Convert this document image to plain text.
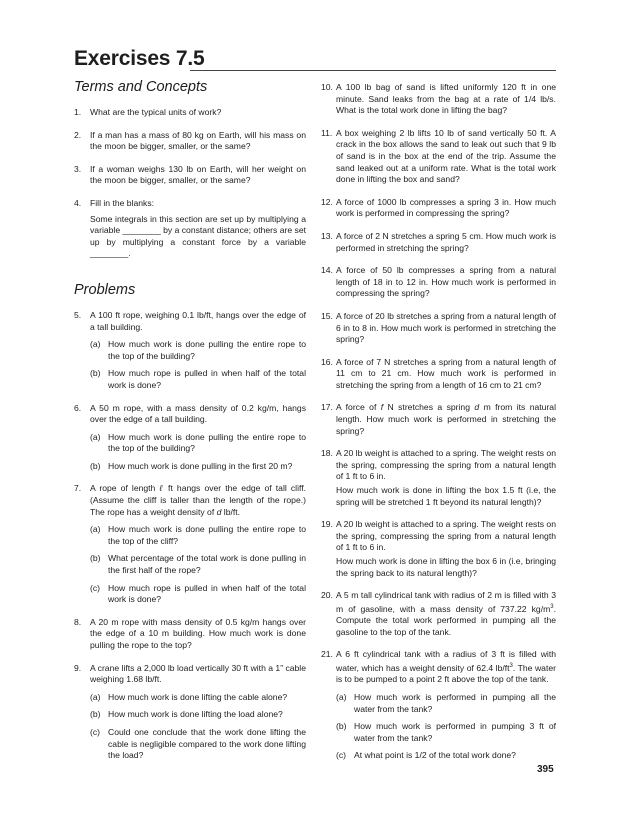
Exercises 7.5
Terms and Concepts
1. What are the typical units of work?

2. If a man has a mass of 80 kg on Earth, will his mass on the moon be bigger, smaller, or the same?

3. If a woman weighs 130 lb on Earth, will her weight on the moon be bigger, smaller, or the same?

4. Fill in the blanks:

Some integrals in this section are set up by multiplying a variable ________ by a constant distance; others are set up by multiplying a constant force by a variable ________.

Problems
5. A 100 ft rope, weighing 0.1 lb/ft, hangs over the edge of a tall building.

(a) How much work is done pulling the entire rope to the top of the building?
(b) How much rope is pulled in when half of the total work is done?
6. A 50 m rope, with a mass density of 0.2 kg/m, hangs over the edge of a tall building.

(a) How much work is done pulling the entire rope to the top of the building?
(b) How much work is done pulling in the first 20 m?
7. A rope of length ℓ ft hangs over the edge of tall cliff. (Assume the cliff is taller than the length of the rope.) The rope has a weight density of d lb/ft.

(a) How much work is done pulling the entire rope to the top of the cliff?
(b) What percentage of the total work is done pulling in the first half of the rope?
(c) How much rope is pulled in when half of the total work is done?
8. A 20 m rope with mass density of 0.5 kg/m hangs over the edge of a 10 m building. How much work is done pulling the rope to the top?

9. A crane lifts a 2,000 lb load vertically 30 ft with a 1” cable weighing 1.68 lb/ft.

(a) How much work is done lifting the cable alone?
(b) How much work is done lifting the load alone?
(c) Could one conclude that the work done lifting the cable is negligible compared to the work done lifting the load?
10. A 100 lb bag of sand is lifted uniformly 120 ft in one minute. Sand leaks from the bag at a rate of 1/4 lb/s. What is the total work done in lifting the bag?

11. A box weighing 2 lb lifts 10 lb of sand vertically 50 ft. A crack in the box allows the sand to leak out such that 9 lb of sand is in the box at the end of the trip. Assume the sand leaked out at a uniform rate. What is the total work done in lifting the box and sand?

12. A force of 1000 lb compresses a spring 3 in. How much work is performed in compressing the spring?

13. A force of 2 N stretches a spring 5 cm. How much work is performed in stretching the spring?

14. A force of 50 lb compresses a spring from a natural length of 18 in to 12 in. How much work is performed in compressing the spring?

15. A force of 20 lb stretches a spring from a natural length of 6 in to 8 in. How much work is performed in stretching the spring?

16. A force of 7 N stretches a spring from a natural length of 11 cm to 21 cm. How much work is performed in stretching the spring from a length of 16 cm to 21 cm?

17. A force of f N stretches a spring d m from its natural length. How much work is performed in stretching the spring?

18. A 20 lb weight is attached to a spring. The weight rests on the spring, compressing the spring from a natural length of 1 ft to 6 in.

How much work is done in lifting the box 1.5 ft (i.e, the spring will be stretched 1 ft beyond its natural length)?

19. A 20 lb weight is attached to a spring. The weight rests on the spring, compressing the spring from a natural length of 1 ft to 6 in.

How much work is done in lifting the box 6 in (i.e, bringing the spring back to its natural length)?

20. A 5 m tall cylindrical tank with radius of 2 m is filled with 3 m of gasoline, with a mass density of 737.22 $kg/m^3$. Compute the total work performed in pumping all the gasoline to the top of the tank.

21. A 6 ft cylindrical tank with a radius of 3 ft is filled with water, which has a weight density of 62.4 $lb/ft^3$. The water is to be pumped to a point 2 ft above the top of the tank.

(a) How much work is performed in pumping all the water from the tank?
(b) How much work is performed in pumping 3 ft of water from the tank?
(c) At what point is 1/2 of the total work done?
395
